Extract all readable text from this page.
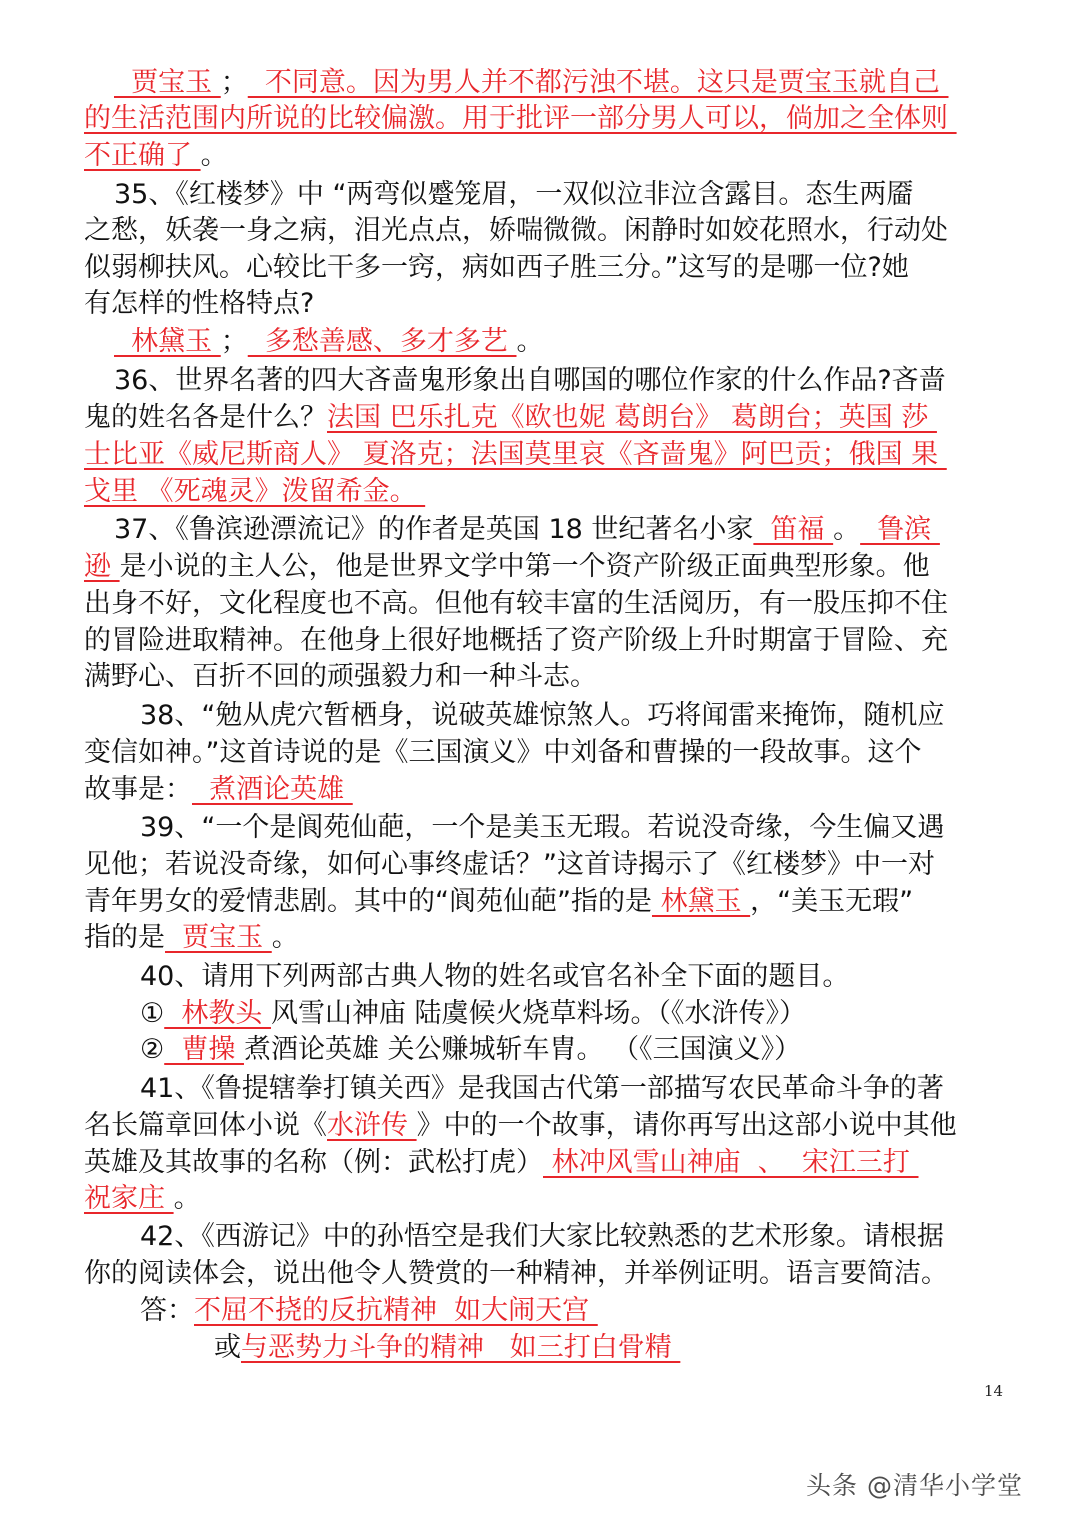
贾宝玉 ；  不同意。因为男人并不都污浊不堪。这只是贾宝玉就自己
的生活范围内所说的比较偏激。用于批评一部分男人可以，倘加之全体则
不正确了 。
35、《红楼梦》中 “两弯似蹙笼眉，一双似泣非泣含露目。态生两靥
之愁，妖袭一身之病，泪光点点，娇喘微微。闲静时如姣花照水，行动处
似弱柳扶风。心较比干多一窍，病如西子胜三分。”这写的是哪一位?她
有怎样的性格特点?
林黛玉 ；  多愁善感、多才多艺 。
36、世界名著的四大吝啬鬼形象出自哪国的哪位作家的什么作品?吝啬
鬼的姓名各是什么？法国 巴乐扎克《欧也妮 葛朗台》 葛朗台；英国 莎
士比亚《威尼斯商人》 夏洛克；法国莫里哀《吝啬鬼》阿巴贡；俄国 果
戈里 《死魂灵》泼留希金。
37、《鲁滨逊漂流记》的作者是英国 18 世纪著名小家  笛福 。  鲁滨
逊 是小说的主人公，他是世界文学中第一个资产阶级正面典型形象。他
出身不好，文化程度也不高。但他有较丰富的生活阅历，有一股压抑不住
的冒险进取精神。在他身上很好地概括了资产阶级上升时期富于冒险、充
满野心、百折不回的顽强毅力和一种斗志。
38、“勉从虎穴暂栖身，说破英雄惊煞人。巧将闻雷来掩饰，随机应
变信如神。”这首诗说的是《三国演义》中刘备和曹操的一段故事。这个
故事是：  煮酒论英雄
39、“一个是阆苑仙葩，一个是美玉无瑕。若说没奇缘，今生偏又遇
见他；若说没奇缘，如何心事终虚话？”这首诗揭示了《红楼梦》中一对
青年男女的爱情悲剧。其中的“阆苑仙葩”指的是 林黛玉 ，“美玉无瑕”
指的是  贾宝玉 。
40、请用下列两部古典人物的姓名或官名补全下面的题目。
①  林教头 风雪山神庙 陆虞候火烧草料场。（《水浒传》）
②  曹操 煮酒论英雄 关公赚城斩车胄。 （《三国演义》）
41、《鲁提辖拳打镇关西》是我国古代第一部描写农民革命斗争的著
名长篇章回体小说《水浒传 》中的一个故事，请你再写出这部小说中其他
英雄及其故事的名称（例：武松打虎） 林冲风雪山神庙  、  宋江三打
祝家庄 。
42、《西游记》中的孙悟空是我们大家比较熟悉的艺术形象。请根据
你的阅读体会，说出他令人赞赏的一种精神，并举例证明。语言要简洁。
答：不屈不挠的反抗精神  如大闹天宫
或与恶势力斗争的精神   如三打白骨精
14
头条 @清华小学堂
